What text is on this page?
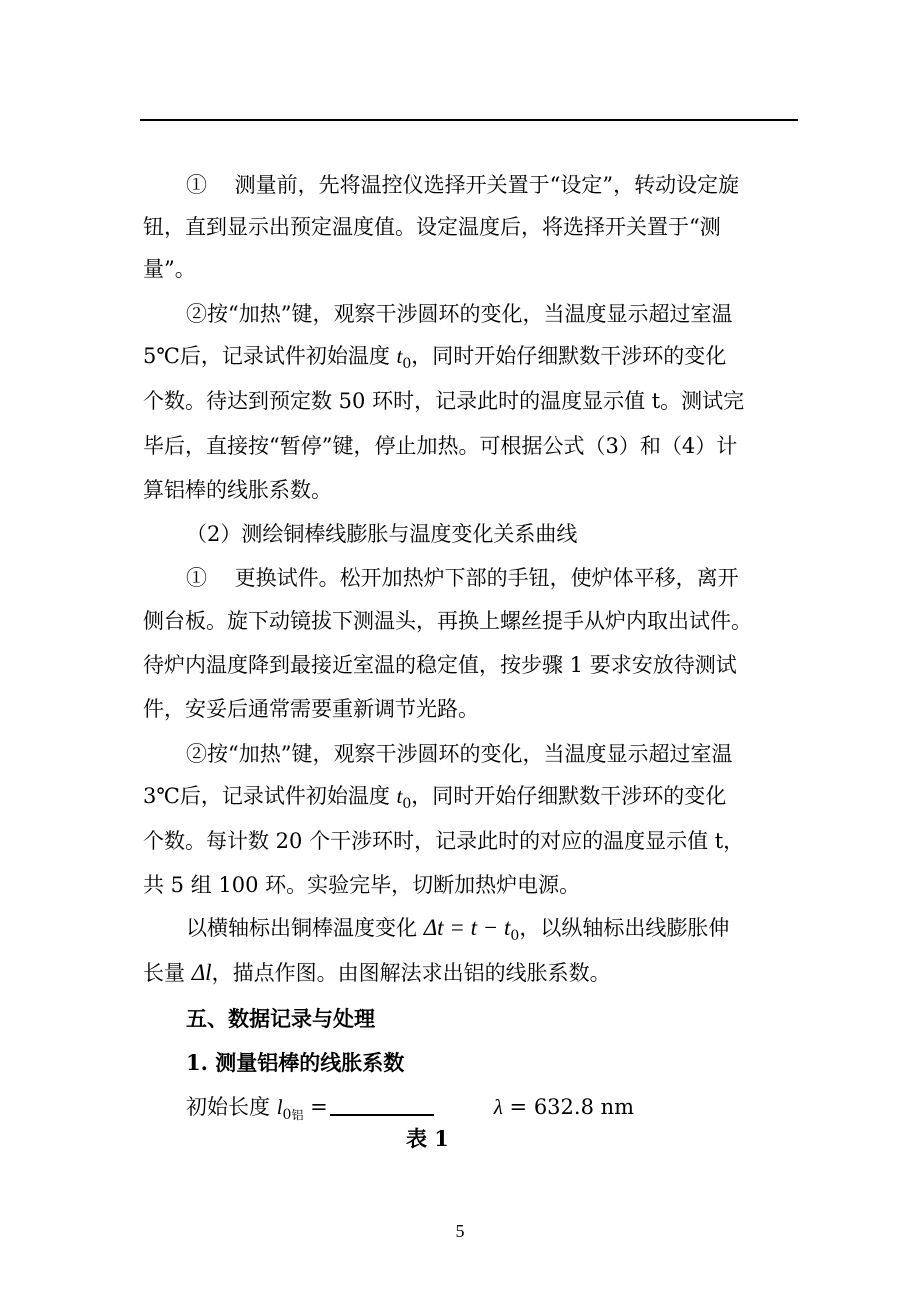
①　 测量前，先将温控仪选择开关置于“设定”，转动设定旋
钮，直到显示出预定温度值。设定温度后，将选择开关置于“测
量”。
②按“加热”键，观察干涉圆环的变化，当温度显示超过室温
5℃后，记录试件初始温度 $t_0$，同时开始仔细默数干涉环的变化
个数。待达到预定数 50 环时，记录此时的温度显示值 t。测试完
毕后，直接按“暂停”键，停止加热。可根据公式（3）和（4）计
算铝棒的线胀系数。
（2）测绘铜棒线膨胀与温度变化关系曲线
①　 更换试件。松开加热炉下部的手钮，使炉体平移，离开
侧台板。旋下动镜拔下测温头，再换上螺丝提手从炉内取出试件。
待炉内温度降到最接近室温的稳定值，按步骤 1 要求安放待测试
件，安妥后通常需要重新调节光路。
②按“加热”键，观察干涉圆环的变化，当温度显示超过室温
3℃后，记录试件初始温度 $t_0$，同时开始仔细默数干涉环的变化
个数。每计数 20 个干涉环时，记录此时的对应的温度显示值 t，
共 5 组 100 环。实验完毕，切断加热炉电源。
以横轴标出铜棒温度变化 $\Delta t = t - t_0$，以纵轴标出线膨胀伸
长量 Δl，描点作图。由图解法求出铝的线胀系数。
五、数据记录与处理
1. 测量铝棒的线胀系数
初始长度 $l_{0铝}$ =	λ = 632.8 nm
表 1
5
